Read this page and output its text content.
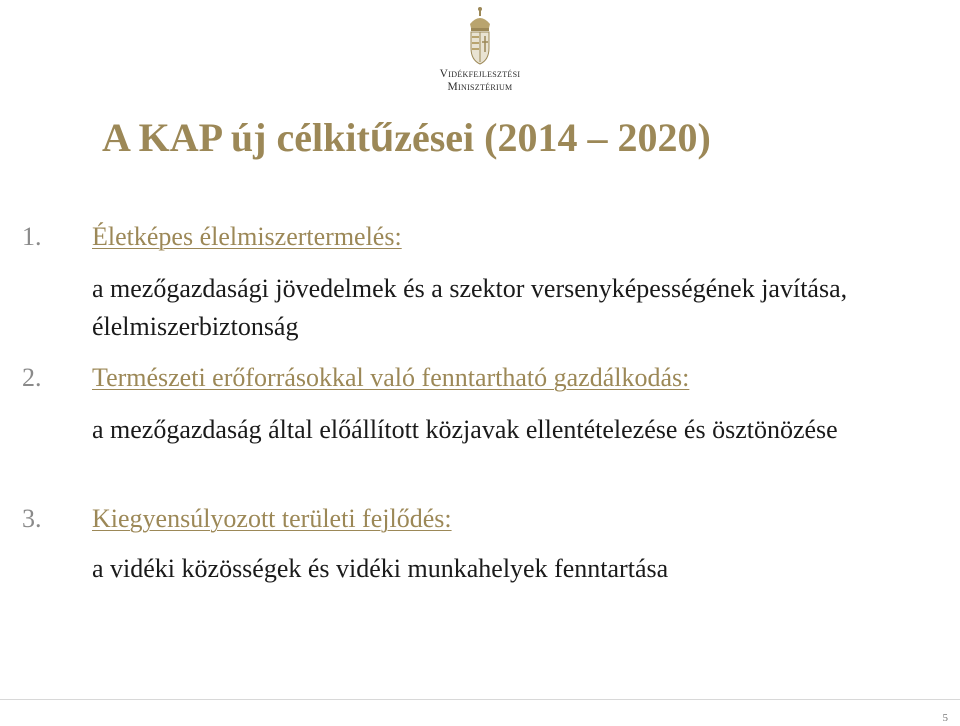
Vidékfejlesztési
Minisztérium
A KAP új célkitűzései (2014 – 2020)
1. Életképes élelmiszertermelés:
a mezőgazdasági jövedelmek és a szektor versenyképességének javítása, élelmiszerbiztonság
2. Természeti erőforrásokkal való fenntartható gazdálkodás:
a mezőgazdaság által előállított közjavak ellentételezése és ösztönözése
3. Kiegyensúlyozott területi fejlődés:
a vidéki közösségek és vidéki munkahelyek fenntartása
5
